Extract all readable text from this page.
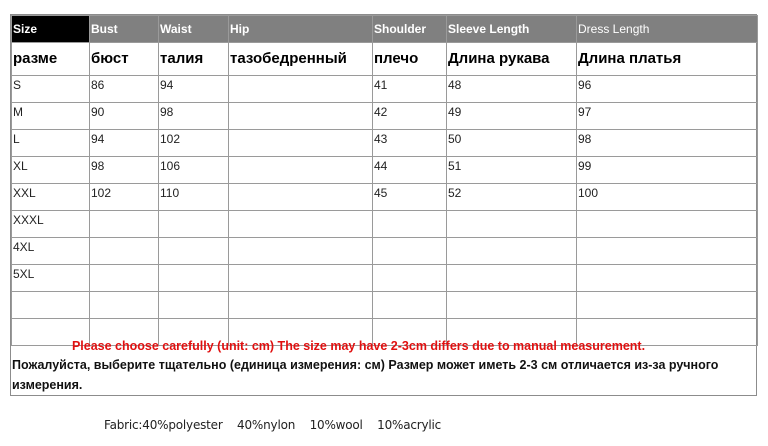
Size	Bust	Waist	Hip	Shoulder	Sleeve Length	Dress Length
размe	бюст	талия	тазобедренный	плечо	Длина рукава	Длина платья
S	86	94		41	48	96
M	90	98		42	49	97
L	94	102		43	50	98
XL	98	106		44	51	99
XXL	102	110		45	52	100
XXXL						
4XL						
5XL						

Please choose carefully (unit: cm) The size may have 2-3cm differs due to manual measurement.
Пожалуйста, выберите тщательно (единица измерения: см) Размер может иметь 2-3 см отличается из-за ручного измерения.
Fabric:40%polyester    40%nylon    10%wool    10%acrylic
